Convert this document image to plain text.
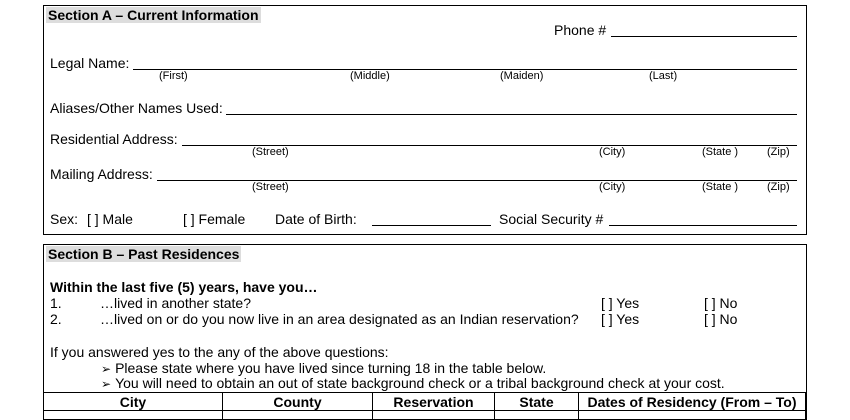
Section A – Current Information
Phone #
Legal Name:
(First)	(Middle)	(Maiden)	(Last)
Aliases/Other Names Used:
Residential Address:
(Street)	(City)	(State )	(Zip)
Mailing Address:
(Street)	(City)	(State )	(Zip)
Sex: [ ] Male	[ ] Female Date of Birth:	Social Security #
Section B – Past Residences
Within the last five (5) years, have you…
1.	…lived in another state?	[ ] Yes	[ ] No
2.	…lived on or do you now live in an area designated as an Indian reservation? [ ] Yes	[ ] No
If you answered yes to the any of the above questions:
➢ Please state where you have lived since turning 18 in the table below.
➢ You will need to obtain an out of state background check or a tribal background check at your cost.
City	County	Reservation	State	Dates of Residency (From – To)
